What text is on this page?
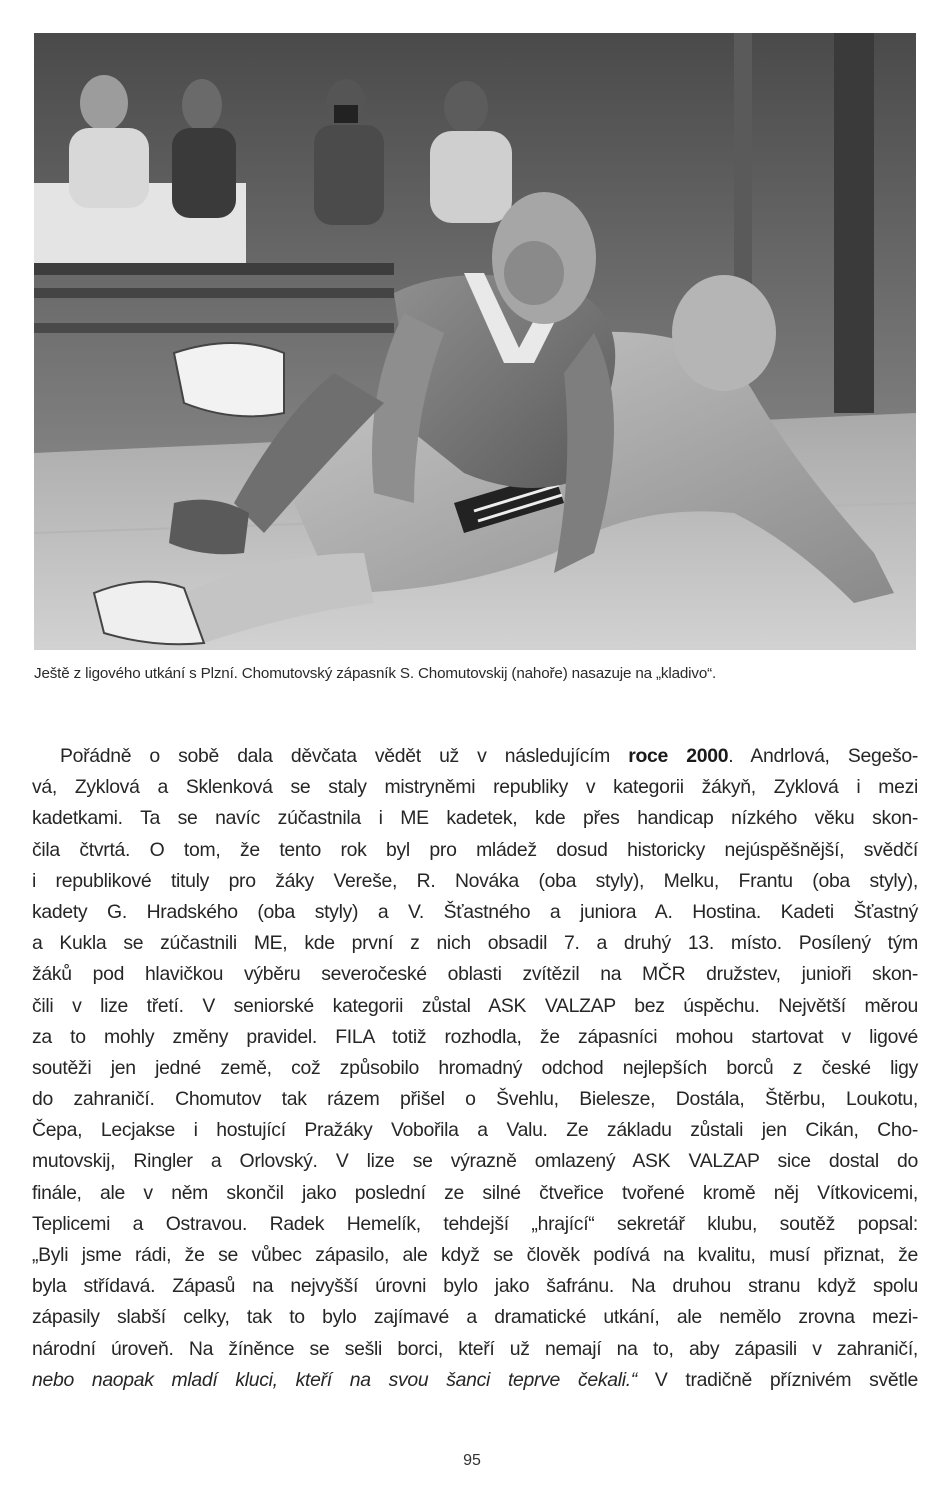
Ještě z ligového utkání s Plzní. Chomutovský zápasník S. Chomutovskij (nahoře) nasazuje na „kladivo“.
Pořádně o sobě dala děvčata vědět už v následujícím roce 2000. Andrlová, Segešo-
vá, Zyklová a Sklenková se staly mistryněmi republiky v kategorii žákyň, Zyklová i mezi
kadetkami. Ta se navíc zúčastnila i ME kadetek, kde přes handicap nízkého věku skon-
čila čtvrtá. O tom, že tento rok byl pro mládež dosud historicky nejúspěšnější, svědčí
i republikové tituly pro žáky Vereše, R. Nováka (oba styly), Melku, Frantu (oba styly),
kadety G. Hradského (oba styly) a V. Šťastného a juniora A. Hostina. Kadeti Šťastný
a Kukla se zúčastnili ME, kde první z nich obsadil 7. a druhý 13. místo. Posílený tým
žáků pod hlavičkou výběru severočeské oblasti zvítězil na MČR družstev, junioři skon-
čili v lize třetí. V seniorské kategorii zůstal ASK VALZAP bez úspěchu. Největší měrou
za to mohly změny pravidel. FILA totiž rozhodla, že zápasníci mohou startovat v ligové
soutěži jen jedné země, což způsobilo hromadný odchod nejlepších borců z české ligy
do zahraničí. Chomutov tak rázem přišel o Švehlu, Bielesze, Dostála, Štěrbu, Loukotu,
Čepa, Lecjakse i hostující Pražáky Vobořila a Valu. Ze základu zůstali jen Cikán, Cho-
mutovskij, Ringler a Orlovský. V lize se výrazně omlazený ASK VALZAP sice dostal do
finále, ale v něm skončil jako poslední ze silné čtveřice tvořené kromě něj Vítkovicemi,
Teplicemi a Ostravou. Radek Hemelík, tehdejší „hrající“ sekretář klubu, soutěž popsal:
„Byli jsme rádi, že se vůbec zápasilo, ale když se člověk podívá na kvalitu, musí přiznat, že
byla střídavá. Zápasů na nejvyšší úrovni bylo jako šafránu. Na druhou stranu když spolu
zápasily slabší celky, tak to bylo zajímavé a dramatické utkání, ale nemělo zrovna mezi-
národní úroveň. Na žíněnce se sešli borci, kteří už nemají na to, aby zápasili v zahraničí,
nebo naopak mladí kluci, kteří na svou šanci teprve čekali.“ V tradičně příznivém světle
95
